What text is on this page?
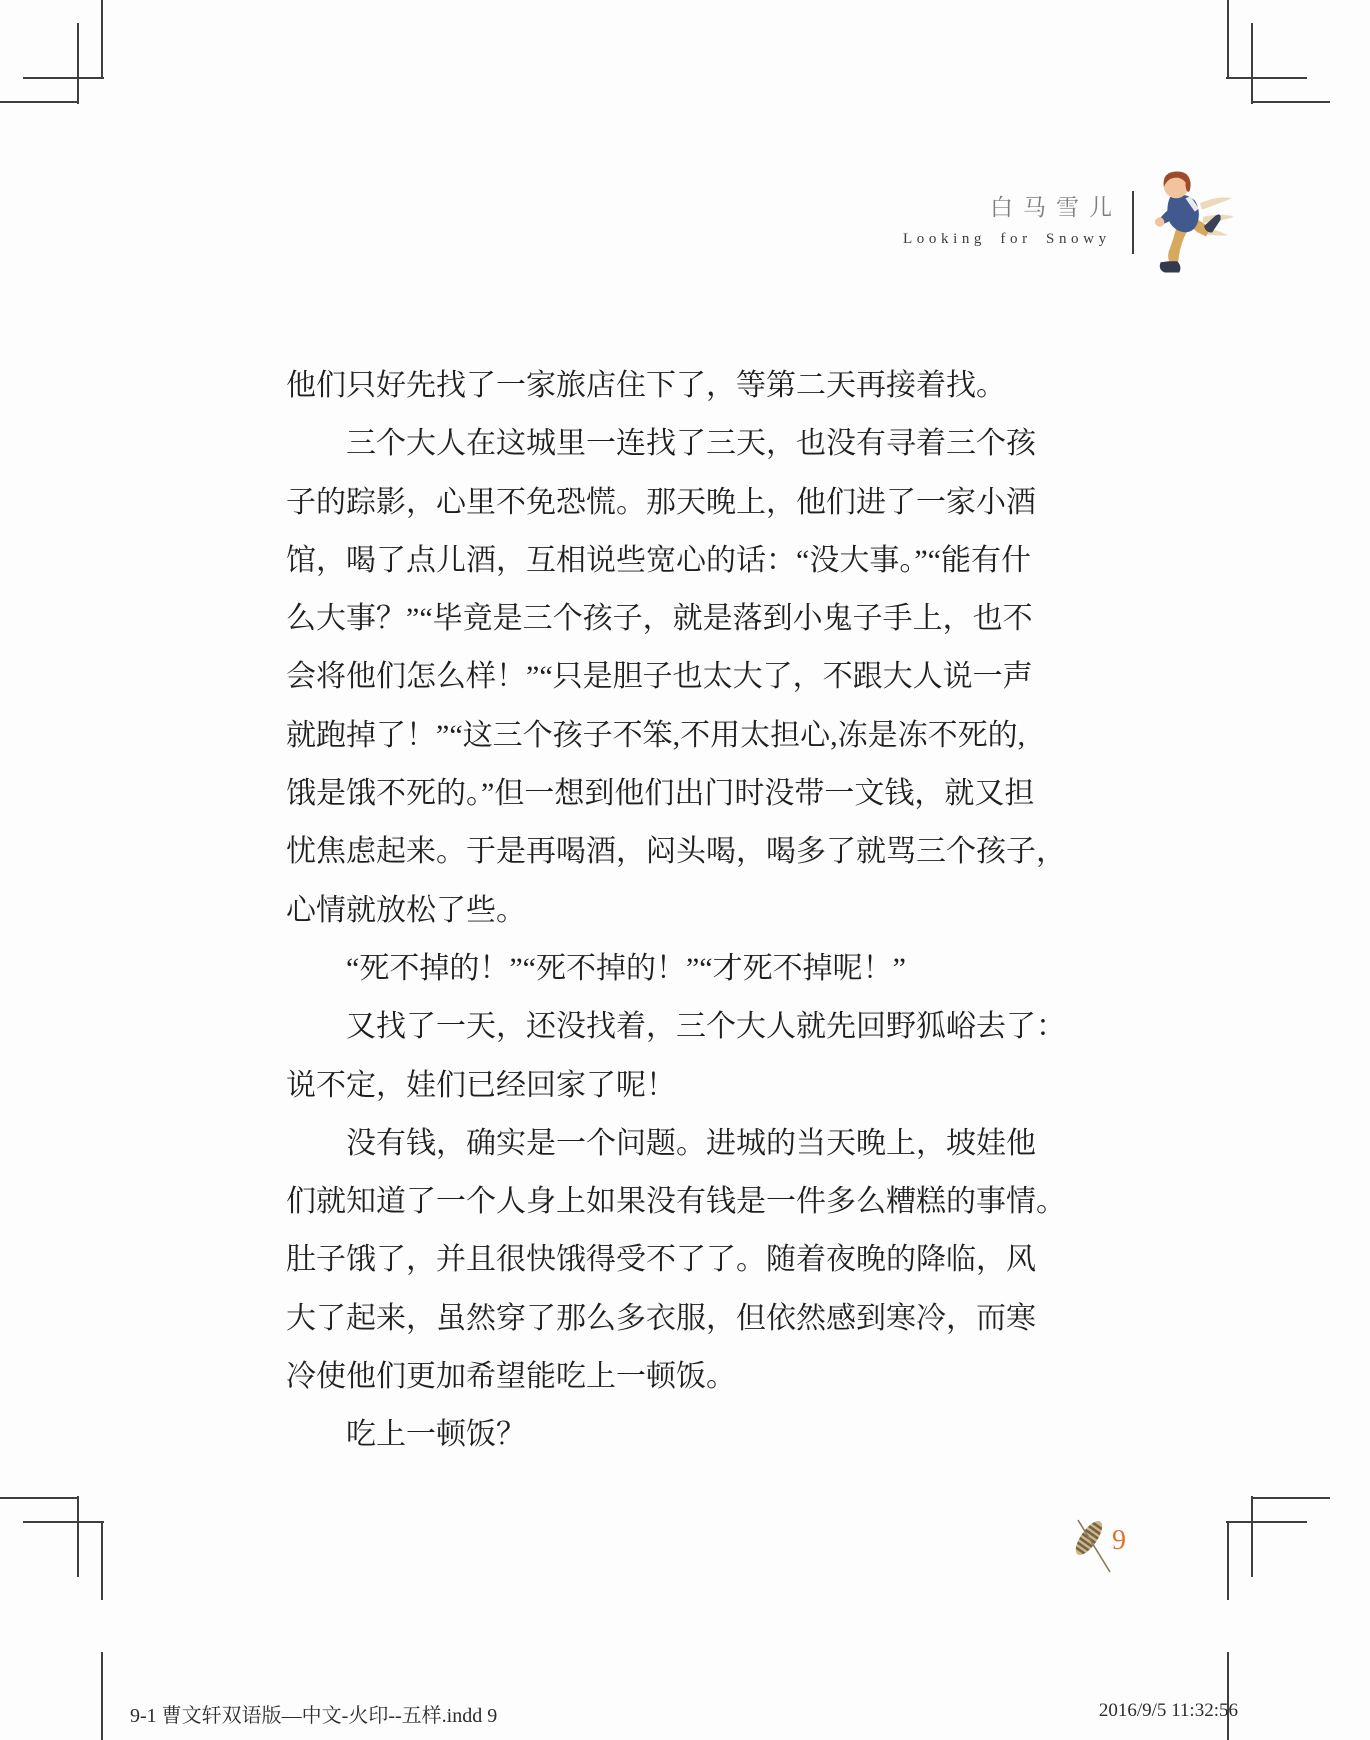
白马雪儿
Looking for Snowy
他们只好先找了一家旅店住下了，等第二天再接着找。
　　三个大人在这城里一连找了三天，也没有寻着三个孩
子的踪影，心里不免恐慌。那天晚上，他们进了一家小酒
馆，喝了点儿酒，互相说些宽心的话：“没大事。”“能有什
么大事？”“毕竟是三个孩子，就是落到小鬼子手上，也不
会将他们怎么样！”“只是胆子也太大了，不跟大人说一声
就跑掉了！”“这三个孩子不笨,不用太担心,冻是冻不死的,
饿是饿不死的。”但一想到他们出门时没带一文钱，就又担
忧焦虑起来。于是再喝酒，闷头喝，喝多了就骂三个孩子，
心情就放松了些。
　　“死不掉的！”“死不掉的！”“才死不掉呢！”
　　又找了一天，还没找着，三个大人就先回野狐峪去了：
说不定，娃们已经回家了呢！
　　没有钱，确实是一个问题。进城的当天晚上，坡娃他
们就知道了一个人身上如果没有钱是一件多么糟糕的事情。
肚子饿了，并且很快饿得受不了了。随着夜晚的降临，风
大了起来，虽然穿了那么多衣服，但依然感到寒冷，而寒
冷使他们更加希望能吃上一顿饭。
　　吃上一顿饭？
9
9-1 曹文轩双语版—中文-火印--五样.indd 9	2016/9/5 11:32:56
